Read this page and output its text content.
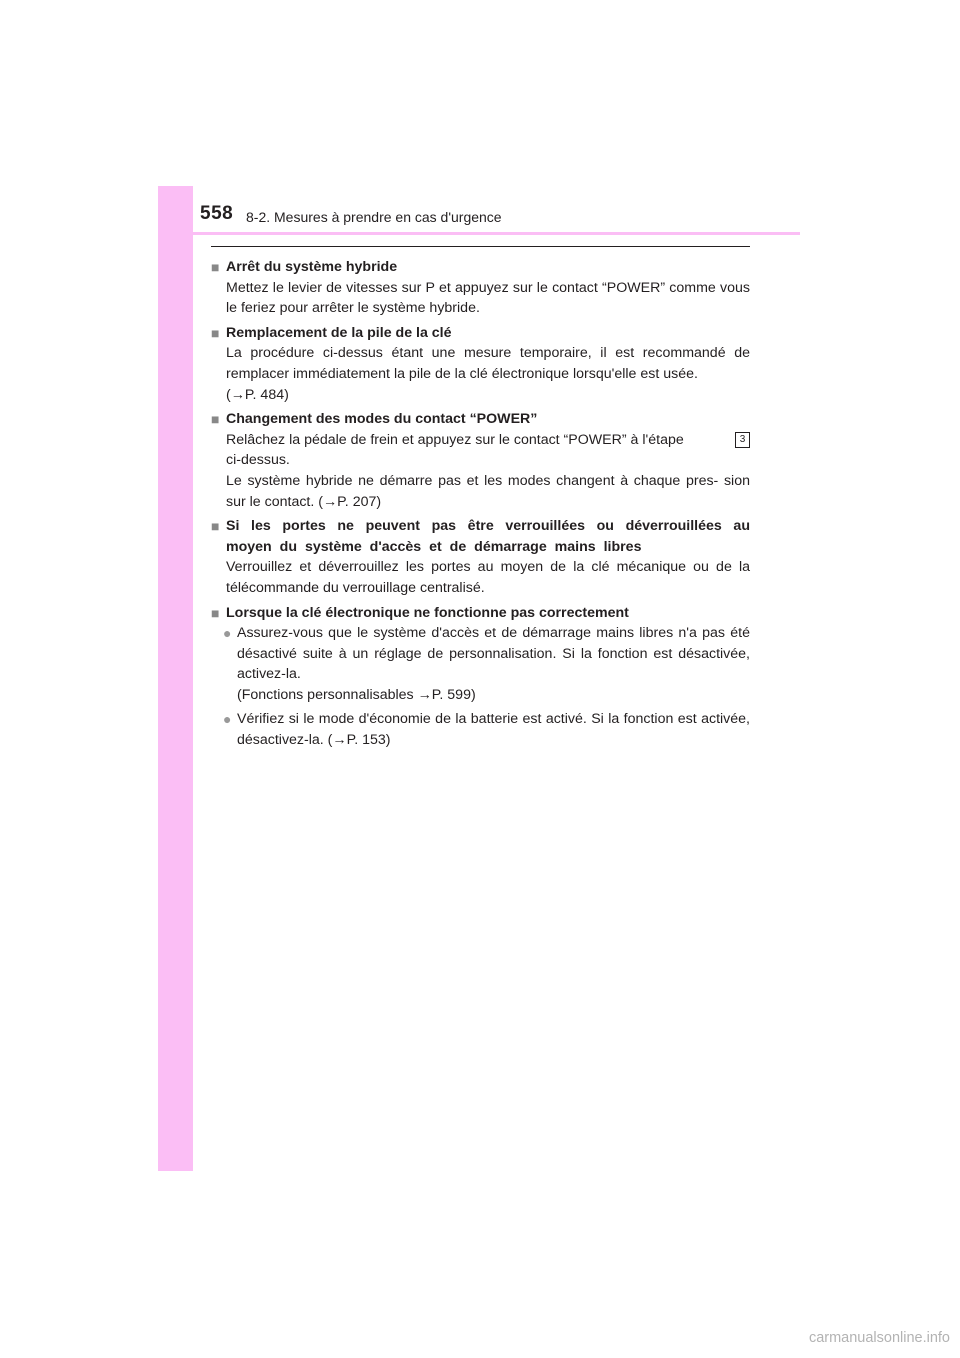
558 8-2. Mesures à prendre en cas d'urgence
■ Arrêt du système hybride
Mettez le levier de vitesses sur P et appuyez sur le contact “POWER” comme vous le feriez pour arrêter le système hybride.
■ Remplacement de la pile de la clé
La procédure ci-dessus étant une mesure temporaire, il est recommandé de remplacer immédiatement la pile de la clé électronique lorsqu'elle est usée.
(→P. 484)
■ Changement des modes du contact “POWER”
Relâchez la pédale de frein et appuyez sur le contact “POWER” à l'étape	3
ci-dessus.
Le système hybride ne démarre pas et les modes changent à chaque pres- sion sur le contact. (→P. 207)
■ Si les portes ne peuvent pas être verrouillées ou déverrouillées au moyen du système d'accès et de démarrage mains libres
Verrouillez et déverrouillez les portes au moyen de la clé mécanique ou de la télécommande du verrouillage centralisé.
■ Lorsque la clé électronique ne fonctionne pas correctement
● Assurez-vous que le système d'accès et de démarrage mains libres n'a pas été désactivé suite à un réglage de personnalisation. Si la fonction est désactivée, activez-la.
(Fonctions personnalisables →P. 599)
● Vérifiez si le mode d'économie de la batterie est activé. Si la fonction est activée, désactivez-la. (→P. 153)
carmanualsonline.info
